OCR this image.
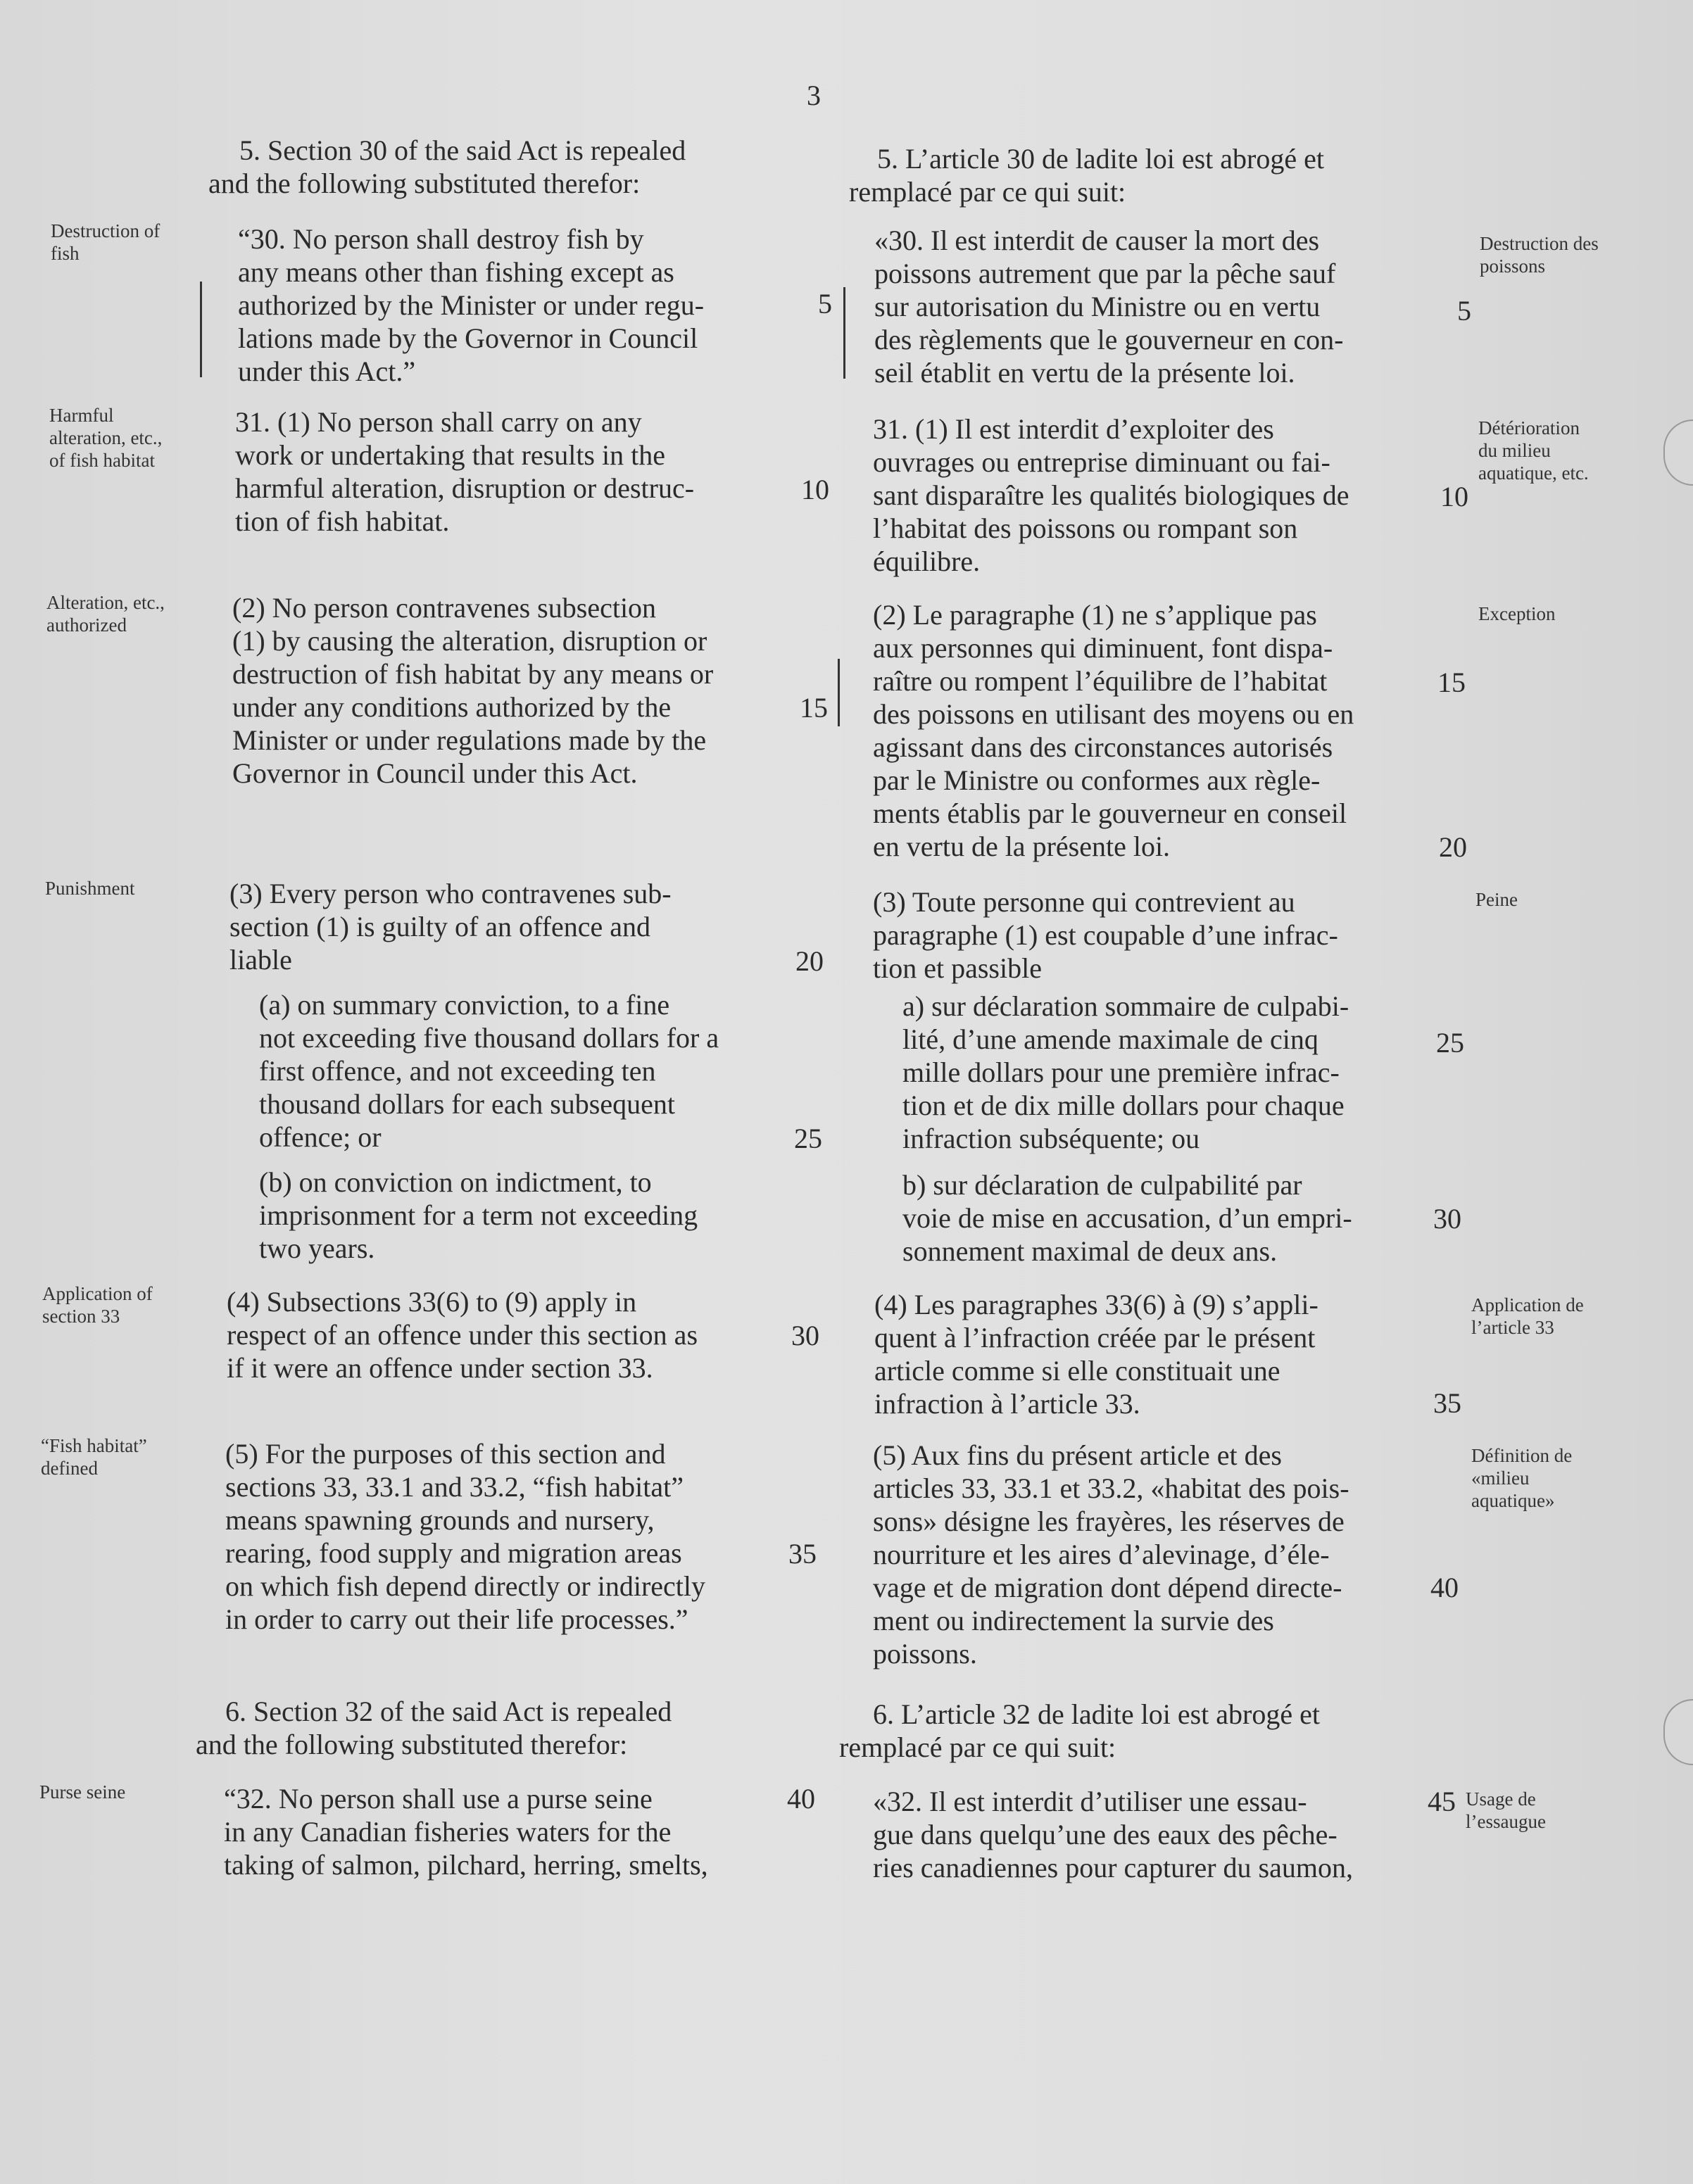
3
Destruction of
fish
Harmful
alteration, etc.,
of fish habitat
Alteration, etc.,
authorized
Punishment
Application of
section 33
“Fish habitat”
defined
Purse seine
Destruction des
poissons
Détérioration
du milieu
aquatique, etc.
Exception
Peine
Application de
l’article 33
Définition de
«milieu
aquatique»
Usage de
l’essaugue
5. Section 30 of the said Act is repealed
and the following substituted therefor:
“30. No person shall destroy fish by
any means other than fishing except as
authorized by the Minister or under regu-
lations made by the Governor in Council
under this Act.”
31. (1) No person shall carry on any
work or undertaking that results in the
harmful alteration, disruption or destruc-
tion of fish habitat.
(2) No person contravenes subsection
(1) by causing the alteration, disruption or
destruction of fish habitat by any means or
under any conditions authorized by the
Minister or under regulations made by the
Governor in Council under this Act.
(3) Every person who contravenes sub-
section (1) is guilty of an offence and
liable
(a) on summary conviction, to a fine
not exceeding five thousand dollars for a
first offence, and not exceeding ten
thousand dollars for each subsequent
offence; or
(b) on conviction on indictment, to
imprisonment for a term not exceeding
two years.
(4) Subsections 33(6) to (9) apply in
respect of an offence under this section as
if it were an offence under section 33.
(5) For the purposes of this section and
sections 33, 33.1 and 33.2, “fish habitat”
means spawning grounds and nursery,
rearing, food supply and migration areas
on which fish depend directly or indirectly
in order to carry out their life processes.”
6. Section 32 of the said Act is repealed
and the following substituted therefor:
“32. No person shall use a purse seine
in any Canadian fisheries waters for the
taking of salmon, pilchard, herring, smelts,
5
10
15
20
25
30
35
40
5. L’article 30 de ladite loi est abrogé et
remplacé par ce qui suit:
«30. Il est interdit de causer la mort des
poissons autrement que par la pêche sauf
sur autorisation du Ministre ou en vertu
des règlements que le gouverneur en con-
seil établit en vertu de la présente loi.
31. (1) Il est interdit d’exploiter des
ouvrages ou entreprise diminuant ou fai-
sant disparaître les qualités biologiques de
l’habitat des poissons ou rompant son
équilibre.
(2) Le paragraphe (1) ne s’applique pas
aux personnes qui diminuent, font dispa-
raître ou rompent l’équilibre de l’habitat
des poissons en utilisant des moyens ou en
agissant dans des circonstances autorisés
par le Ministre ou conformes aux règle-
ments établis par le gouverneur en conseil
en vertu de la présente loi.
(3) Toute personne qui contrevient au
paragraphe (1) est coupable d’une infrac-
tion et passible
a) sur déclaration sommaire de culpabi-
lité, d’une amende maximale de cinq
mille dollars pour une première infrac-
tion et de dix mille dollars pour chaque
infraction subséquente; ou
b) sur déclaration de culpabilité par
voie de mise en accusation, d’un empri-
sonnement maximal de deux ans.
(4) Les paragraphes 33(6) à (9) s’appli-
quent à l’infraction créée par le présent
article comme si elle constituait une
infraction à l’article 33.
(5) Aux fins du présent article et des
articles 33, 33.1 et 33.2, «habitat des pois-
sons» désigne les frayères, les réserves de
nourriture et les aires d’alevinage, d’éle-
vage et de migration dont dépend directe-
ment ou indirectement la survie des
poissons.
6. L’article 32 de ladite loi est abrogé et
remplacé par ce qui suit:
«32. Il est interdit d’utiliser une essau-
gue dans quelqu’une des eaux des pêche-
ries canadiennes pour capturer du saumon,
5
10
15
20
25
30
35
40
45
